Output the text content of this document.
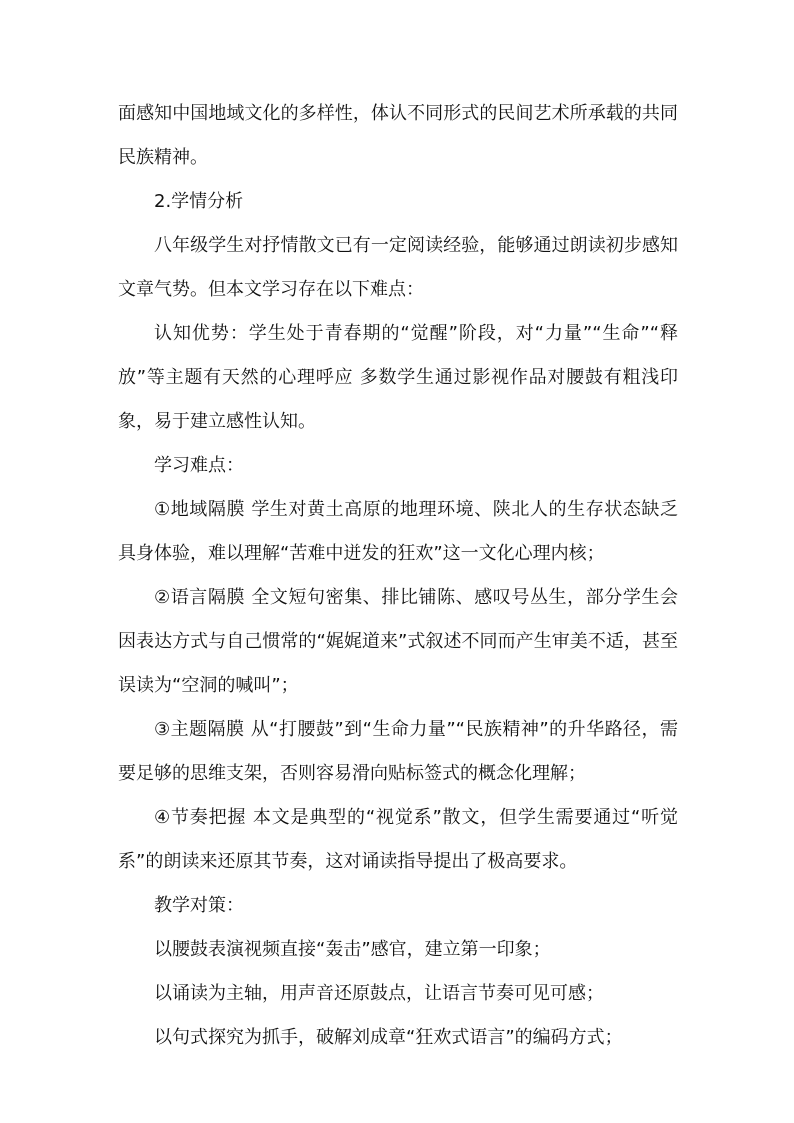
面感知中国地域文化的多样性，体认不同形式的民间艺术所承载的共同民族精神。

2.学情分析

八年级学生对抒情散文已有一定阅读经验，能够通过朗读初步感知文章气势。但本文学习存在以下难点：

认知优势：学生处于青春期的“觉醒”阶段，对“力量”“生命”“释放”等主题有天然的心理呼应 多数学生通过影视作品对腰鼓有粗浅印象，易于建立感性认知。

学习难点：

①地域隔膜 学生对黄土高原的地理环境、陕北人的生存状态缺乏具身体验，难以理解“苦难中迸发的狂欢”这一文化心理内核；

②语言隔膜 全文短句密集、排比铺陈、感叹号丛生，部分学生会因表达方式与自己惯常的“娓娓道来”式叙述不同而产生审美不适，甚至误读为“空洞的喊叫”；

③主题隔膜 从“打腰鼓”到“生命力量”“民族精神”的升华路径，需要足够的思维支架，否则容易滑向贴标签式的概念化理解；

④节奏把握 本文是典型的“视觉系”散文，但学生需要通过“听觉系”的朗读来还原其节奏，这对诵读指导提出了极高要求。

教学对策：

以腰鼓表演视频直接“轰击”感官，建立第一印象；

以诵读为主轴，用声音还原鼓点，让语言节奏可见可感；

以句式探究为抓手，破解刘成章“狂欢式语言”的编码方式；
